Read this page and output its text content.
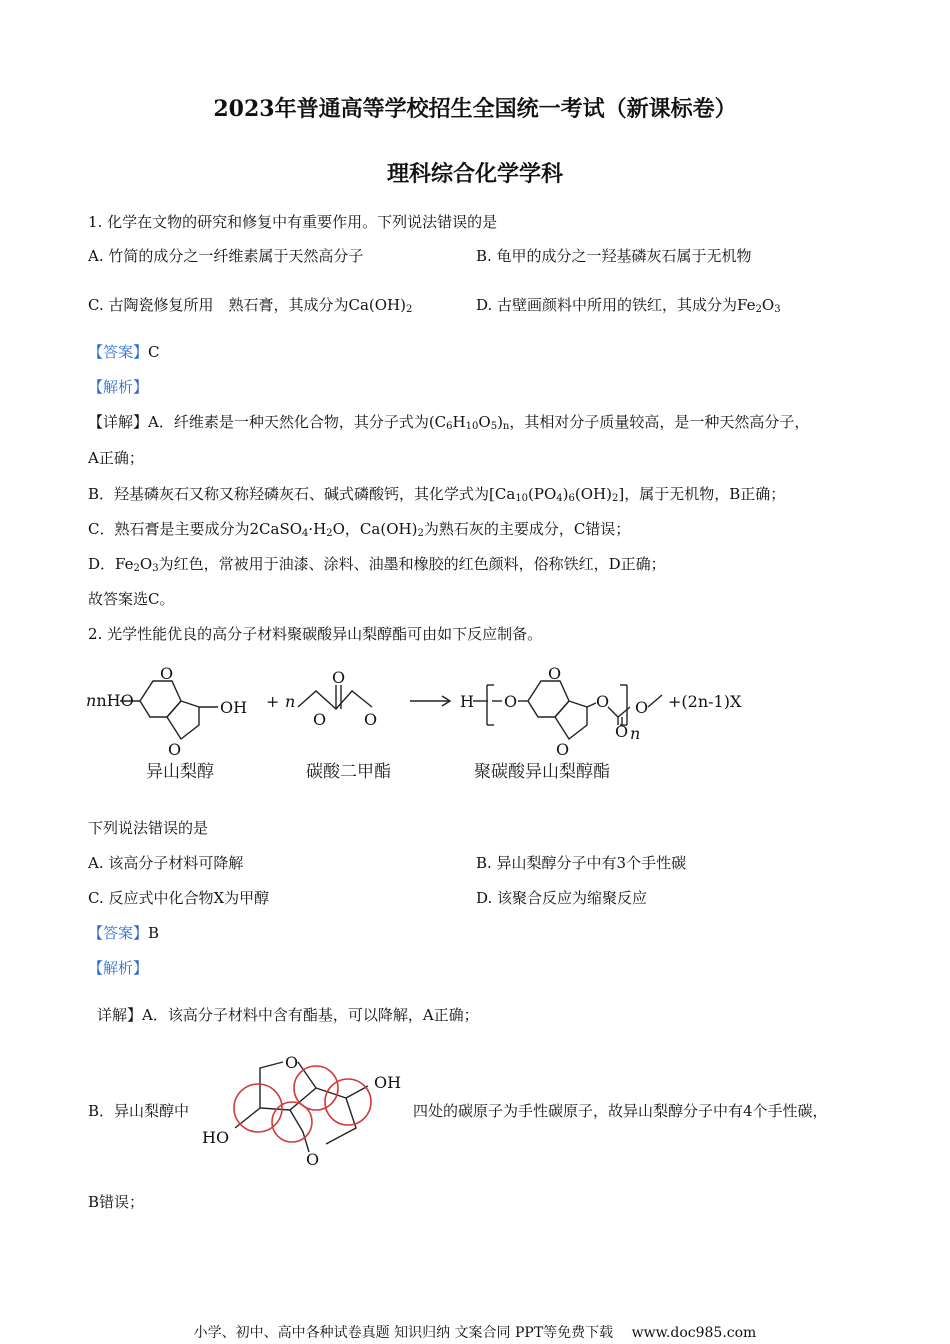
2023年普通高等学校招生全国统一考试（新课标卷）
理科综合化学学科
1. 化学在文物的研究和修复中有重要作用。下列说法错误的是
A. 竹简的成分之一纤维素属于天然高分子	B. 龟甲的成分之一羟基磷灰石属于无机物
C. 古陶瓷修复所用　熟石膏，其成分为$Ca(OH)_2$	D. 古壁画颜料中所用的铁红，其成分为$Fe_2O_3$
【答案】C
【解析】
【详解】A．纤维素是一种天然化合物，其分子式为$(C_6H_{10}O_5)_n$，其相对分子质量较高，是一种天然高分子，
A正确；
B．羟基磷灰石又称又称羟磷灰石、碱式磷酸钙，其化学式为$[Ca_{10}(PO_4)_6(OH)_2]$，属于无机物，B正确；
C．熟石膏是主要成分为$2CaSO_4\cdot H_2O$，$Ca(OH)_2$为熟石灰的主要成分，C错误；
D．$Fe_2O_3$为红色，常被用于油漆、涂料、油墨和橡胶的红色颜料，俗称铁红，D正确；
故答案选C。
2. 光学性能优良的高分子材料聚碳酸异山梨醇酯可由如下反应制备。
nnHO
O
O
OH + n
O
O
O
H O
O
O
O
O
O
n
+(2n-1)X
异山梨醇	碳酸二甲酯	聚碳酸异山梨醇酯
下列说法错误的是
A. 该高分子材料可降解	B. 异山梨醇分子中有3个手性碳
C. 反应式中化合物X为甲醇	D. 该聚合反应为缩聚反应
【答案】B
【解析】
详解】A．该高分子材料中含有酯基，可以降解，A正确；
B．异山梨醇中
O
O
OH
HO
四处的碳原子为手性碳原子，故异山梨醇分子中有4个手性碳，
B错误；
小学、初中、高中各种试卷真题 知识归纳 文案合同 PPT等免费下载　 www.doc985.com
